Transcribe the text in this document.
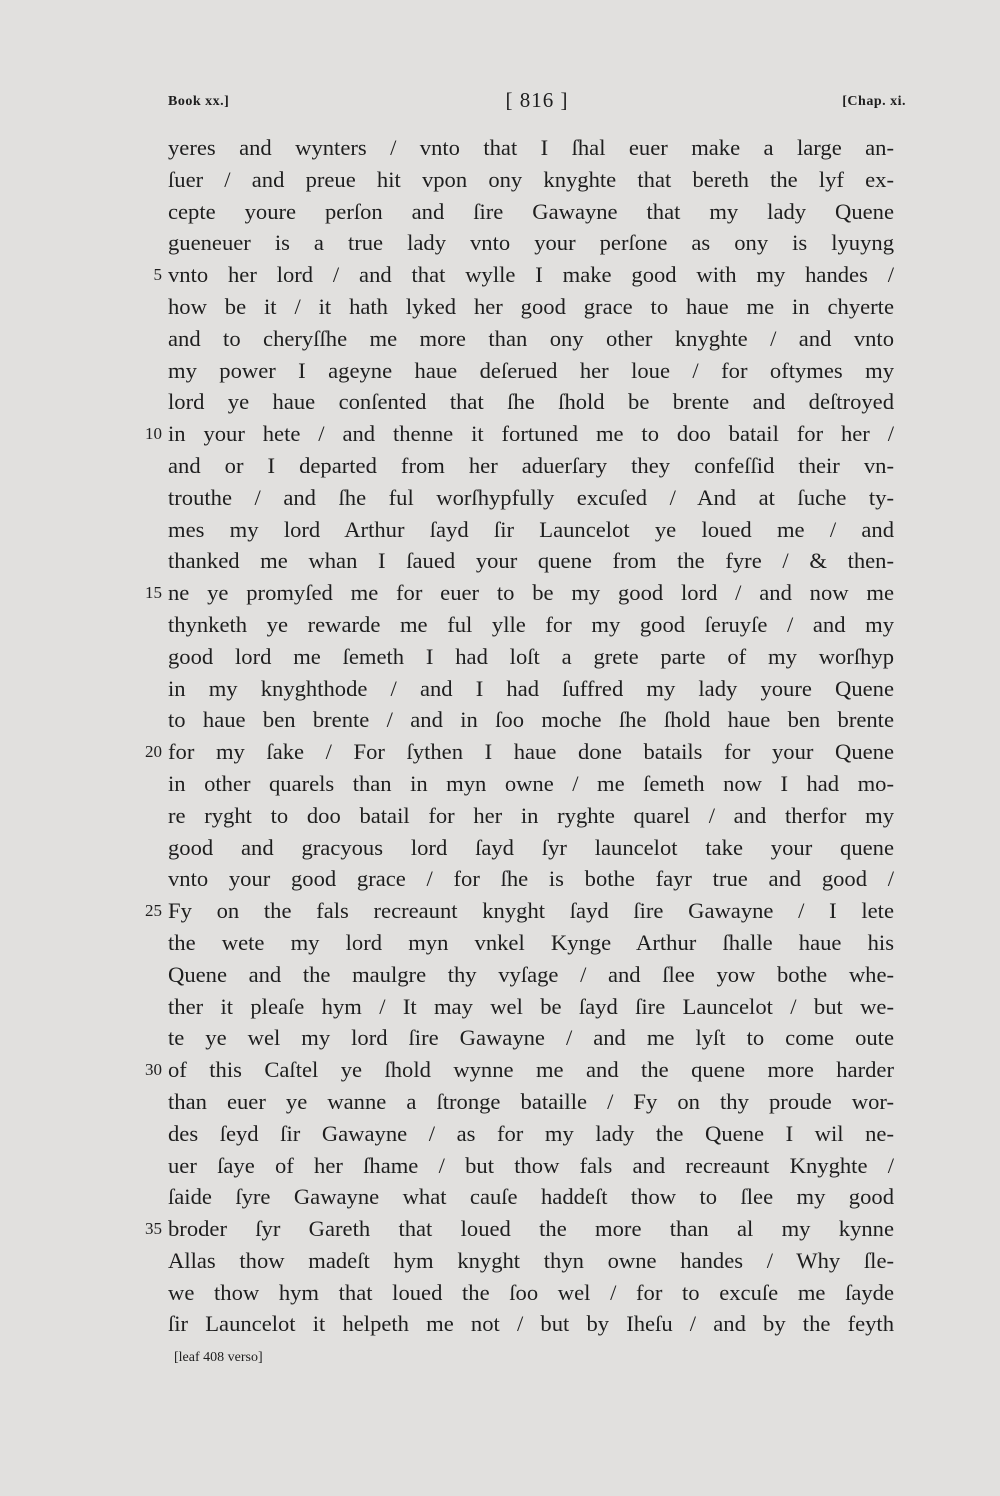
Book xx.]	[ 816 ]	[Chap. xi.
yeres and wynters / vnto that I ſhal euer make a large an-
ſuer / and preue hit vpon ony knyghte that bereth the lyf ex-
cepte youre perſon and ſire Gawayne that my lady Quene
gueneuer is a true lady vnto your perſone as ony is lyuyng
5 vnto her lord / and that wylle I make good with my handes /
how be it / it hath lyked her good grace to haue me in chyerte
and to cheryſſhe me more than ony other knyghte / and vnto
my power I ageyne haue deſerued her loue / for oftymes my
lord ye haue conſented that ſhe ſhold be brente and deſtroyed
10 in your hete / and thenne it fortuned me to doo batail for her /
and or I departed from her aduerſary they confeſſid their vn-
trouthe / and ſhe ful worſhypfully excuſed / And at ſuche ty-
mes my lord Arthur ſayd ſir Launcelot ye loued me / and
thanked me whan I ſaued your quene from the fyre / & then-
15 ne ye promyſed me for euer to be my good lord / and now me
thynketh ye rewarde me ful ylle for my good ſeruyſe / and my
good lord me ſemeth I had loſt a grete parte of my worſhyp
in my knyghthode / and I had ſuffred my lady youre Quene
to haue ben brente / and in ſoo moche ſhe ſhold haue ben brente
20 for my ſake / For ſythen I haue done batails for your Quene
in other quarels than in myn owne / me ſemeth now I had mo-
re ryght to doo batail for her in ryghte quarel / and therfor my
good and gracyous lord ſayd ſyr launcelot take your quene
vnto your good grace / for ſhe is bothe fayr true and good /
25 Fy on the fals recreaunt knyght ſayd ſire Gawayne / I lete
the wete my lord myn vnkel Kynge Arthur ſhalle haue his
Quene and the maulgre thy vyſage / and ſlee yow bothe whe-
ther it pleaſe hym / It may wel be ſayd ſire Launcelot / but we-
te ye wel my lord ſire Gawayne / and me lyſt to come oute
30 of this Caſtel ye ſhold wynne me and the quene more harder
than euer ye wanne a ſtronge bataille / Fy on thy proude wor-
des ſeyd ſir Gawayne / as for my lady the Quene I wil ne-
uer ſaye of her ſhame / but thow fals and recreaunt Knyghte /
ſaide ſyre Gawayne what cauſe haddeſt thow to ſlee my good
35 broder ſyr Gareth that loued the more than al my kynne
Allas thow madeſt hym knyght thyn owne handes / Why ſle-
we thow hym that loued the ſoo wel / for to excuſe me ſayde
ſir Launcelot it helpeth me not / but by Iheſu / and by the feyth
[leaf 408 verso]
